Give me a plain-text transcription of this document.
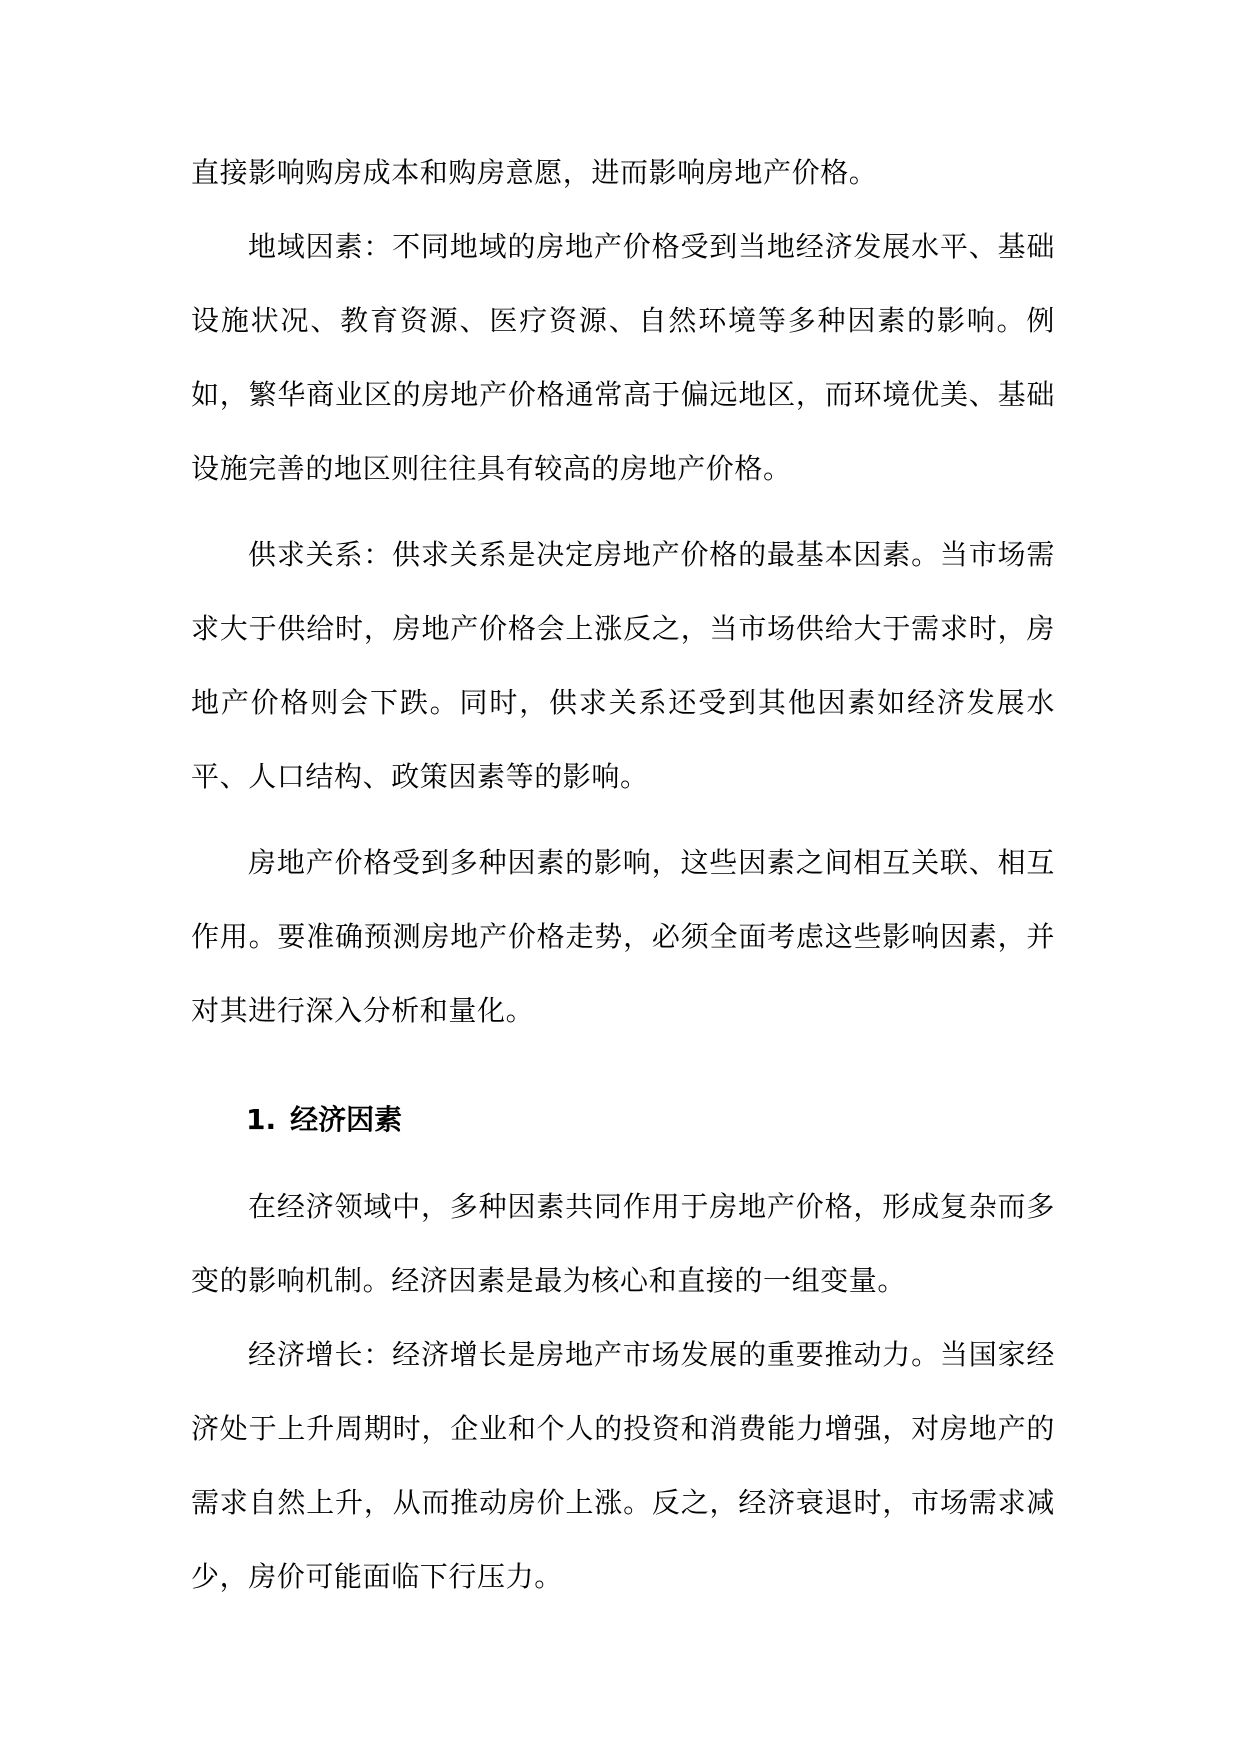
直接影响购房成本和购房意愿，进而影响房地产价格。

地域因素：不同地域的房地产价格受到当地经济发展水平、基础设施状况、教育资源、医疗资源、自然环境等多种因素的影响。例如，繁华商业区的房地产价格通常高于偏远地区，而环境优美、基础设施完善的地区则往往具有较高的房地产价格。

供求关系：供求关系是决定房地产价格的最基本因素。当市场需求大于供给时，房地产价格会上涨反之，当市场供给大于需求时，房地产价格则会下跌。同时，供求关系还受到其他因素如经济发展水平、人口结构、政策因素等的影响。

房地产价格受到多种因素的影响，这些因素之间相互关联、相互作用。要准确预测房地产价格走势，必须全面考虑这些影响因素，并对其进行深入分析和量化。

1. 经济因素

在经济领域中，多种因素共同作用于房地产价格，形成复杂而多变的影响机制。经济因素是最为核心和直接的一组变量。

经济增长：经济增长是房地产市场发展的重要推动力。当国家经济处于上升周期时，企业和个人的投资和消费能力增强，对房地产的需求自然上升，从而推动房价上涨。反之，经济衰退时，市场需求减少，房价可能面临下行压力。
